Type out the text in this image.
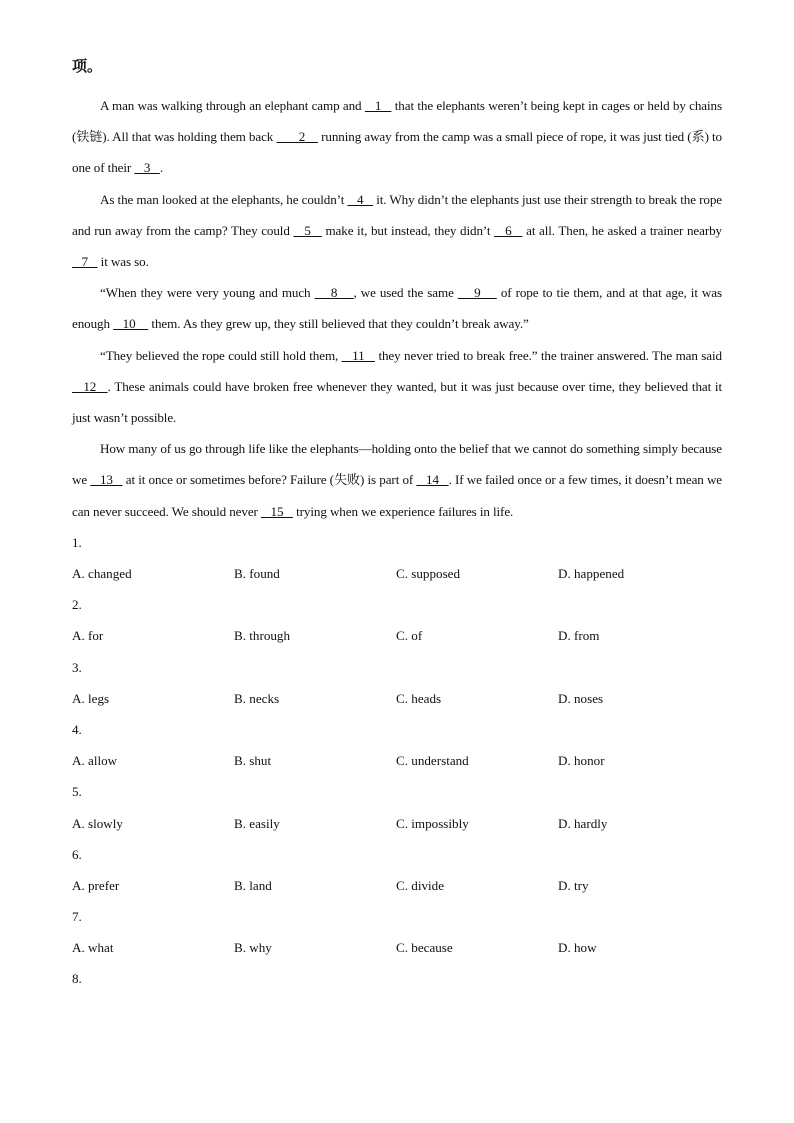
项。

A man was walking through an elephant camp and    1    that the elephants weren’t being kept in cages or held by chains (铁链). All that was holding them back        2     running away from the camp was a small piece of rope, it was just tied (系) to one of their    3   .

As the man looked at the elephants, he couldn’t    4    it. Why didn’t the elephants just use their strength to break the rope and run away from the camp? They could    5    make it, but instead, they didn’t    6    at all. Then, he asked a trainer nearby    7    it was so.

“When they were very young and much     8    , we used the same     9     of rope to tie them, and at that age, it was enough    10     them. As they grew up, they still believed that they couldn’t break away.”

“They believed the rope could still hold them,    11    they never tried to break free.” the trainer answered. The man said    12   . These animals could have broken free whenever they wanted, but it was just because over time, they believed that it just wasn’t possible.

How many of us go through life like the elephants—holding onto the belief that we cannot do something simply because we    13    at it once or sometimes before? Failure (失败) is part of    14   . If we failed once or a few times, it doesn’t mean we can never succeed. We should never    15    trying when we experience failures in life.

1.
A. changed	B. found	C. supposed	D. happened
2.
A. for	B. through	C. of	D. from
3.
A. legs	B. necks	C. heads	D. noses
4.
A. allow	B. shut	C. understand	D. honor
5.
A. slowly	B. easily	C. impossibly	D. hardly
6.
A. prefer	B. land	C. divide	D. try
7.
A. what	B. why	C. because	D. how
8.
